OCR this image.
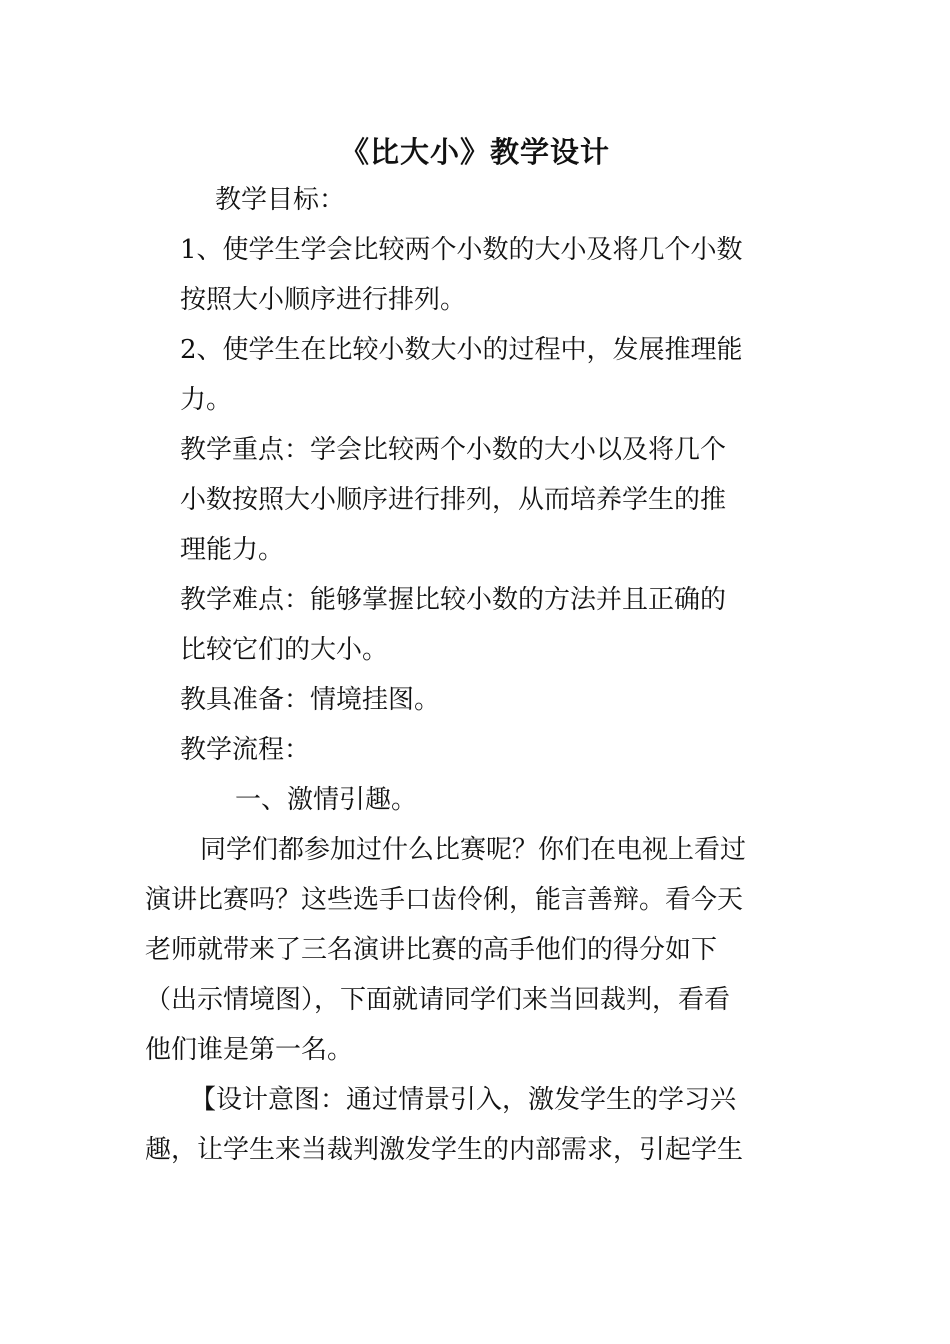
《比大小》教学设计
教学目标：
1、使学生学会比较两个小数的大小及将几个小数
按照大小顺序进行排列。
2、使学生在比较小数大小的过程中，发展推理能
力。
教学重点：学会比较两个小数的大小以及将几个
小数按照大小顺序进行排列，从而培养学生的推
理能力。
教学难点：能够掌握比较小数的方法并且正确的
比较它们的大小。
教具准备：情境挂图。
教学流程：
一、激情引趣。
同学们都参加过什么比赛呢？你们在电视上看过
演讲比赛吗？这些选手口齿伶俐，能言善辩。看今天
老师就带来了三名演讲比赛的高手他们的得分如下
（出示情境图），下面就请同学们来当回裁判，看看
他们谁是第一名。
【设计意图：通过情景引入，激发学生的学习兴
趣，让学生来当裁判激发学生的内部需求，引起学生
